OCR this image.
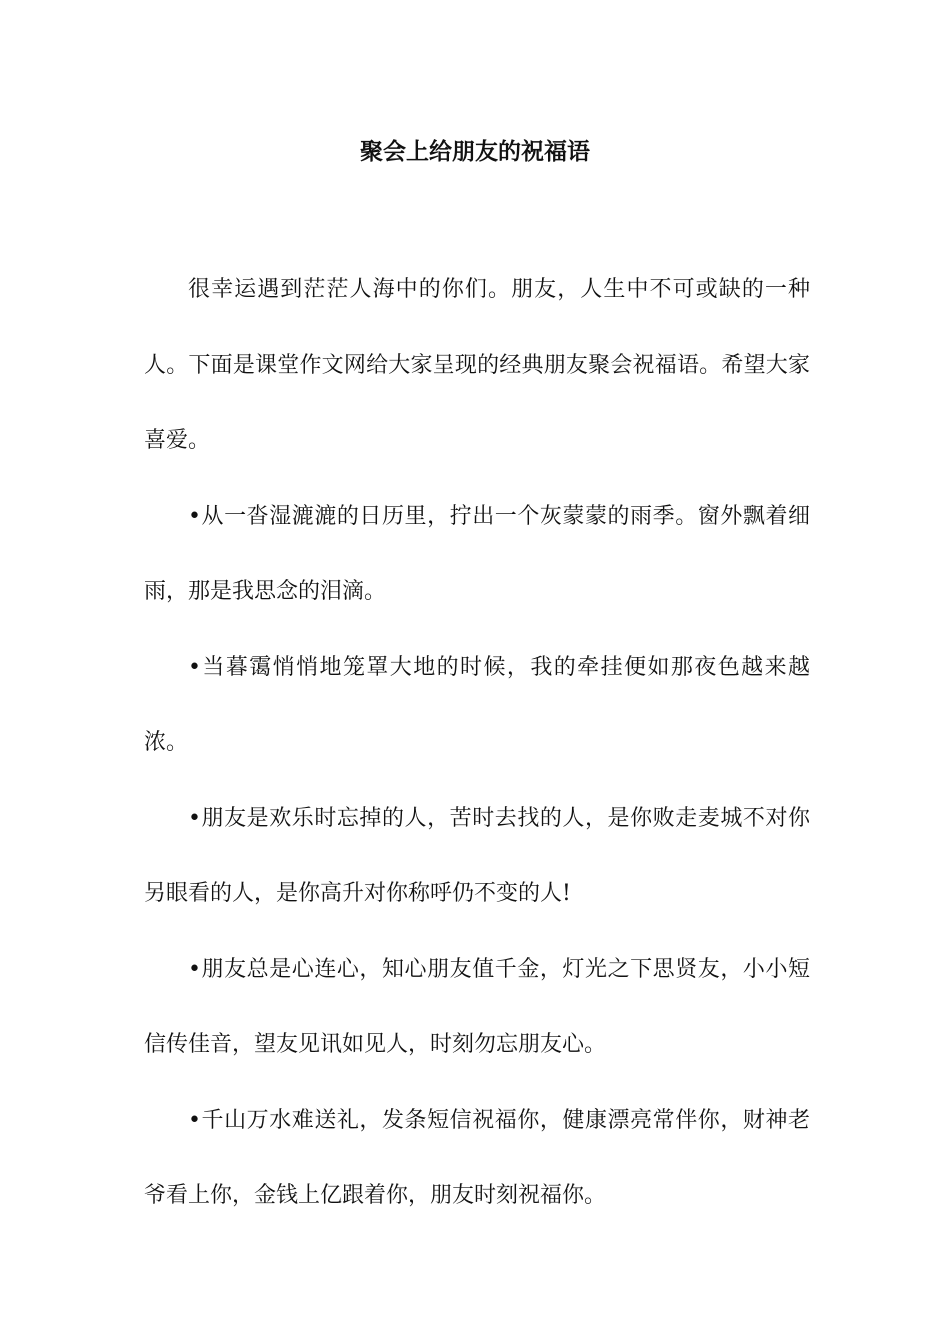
聚会上给朋友的祝福语

很幸运遇到茫茫人海中的你们。朋友，人生中不可或缺的一种人。下面是课堂作文网给大家呈现的经典朋友聚会祝福语。希望大家喜爱。

•从一沓湿漉漉的日历里，拧出一个灰蒙蒙的雨季。窗外飘着细雨，那是我思念的泪滴。

•当暮霭悄悄地笼罩大地的时候，我的牵挂便如那夜色越来越浓。

•朋友是欢乐时忘掉的人，苦时去找的人，是你败走麦城不对你另眼看的人，是你高升对你称呼仍不变的人!

•朋友总是心连心，知心朋友值千金，灯光之下思贤友，小小短信传佳音，望友见讯如见人，时刻勿忘朋友心。

•千山万水难送礼，发条短信祝福你，健康漂亮常伴你，财神老爷看上你，金钱上亿跟着你，朋友时刻祝福你。
